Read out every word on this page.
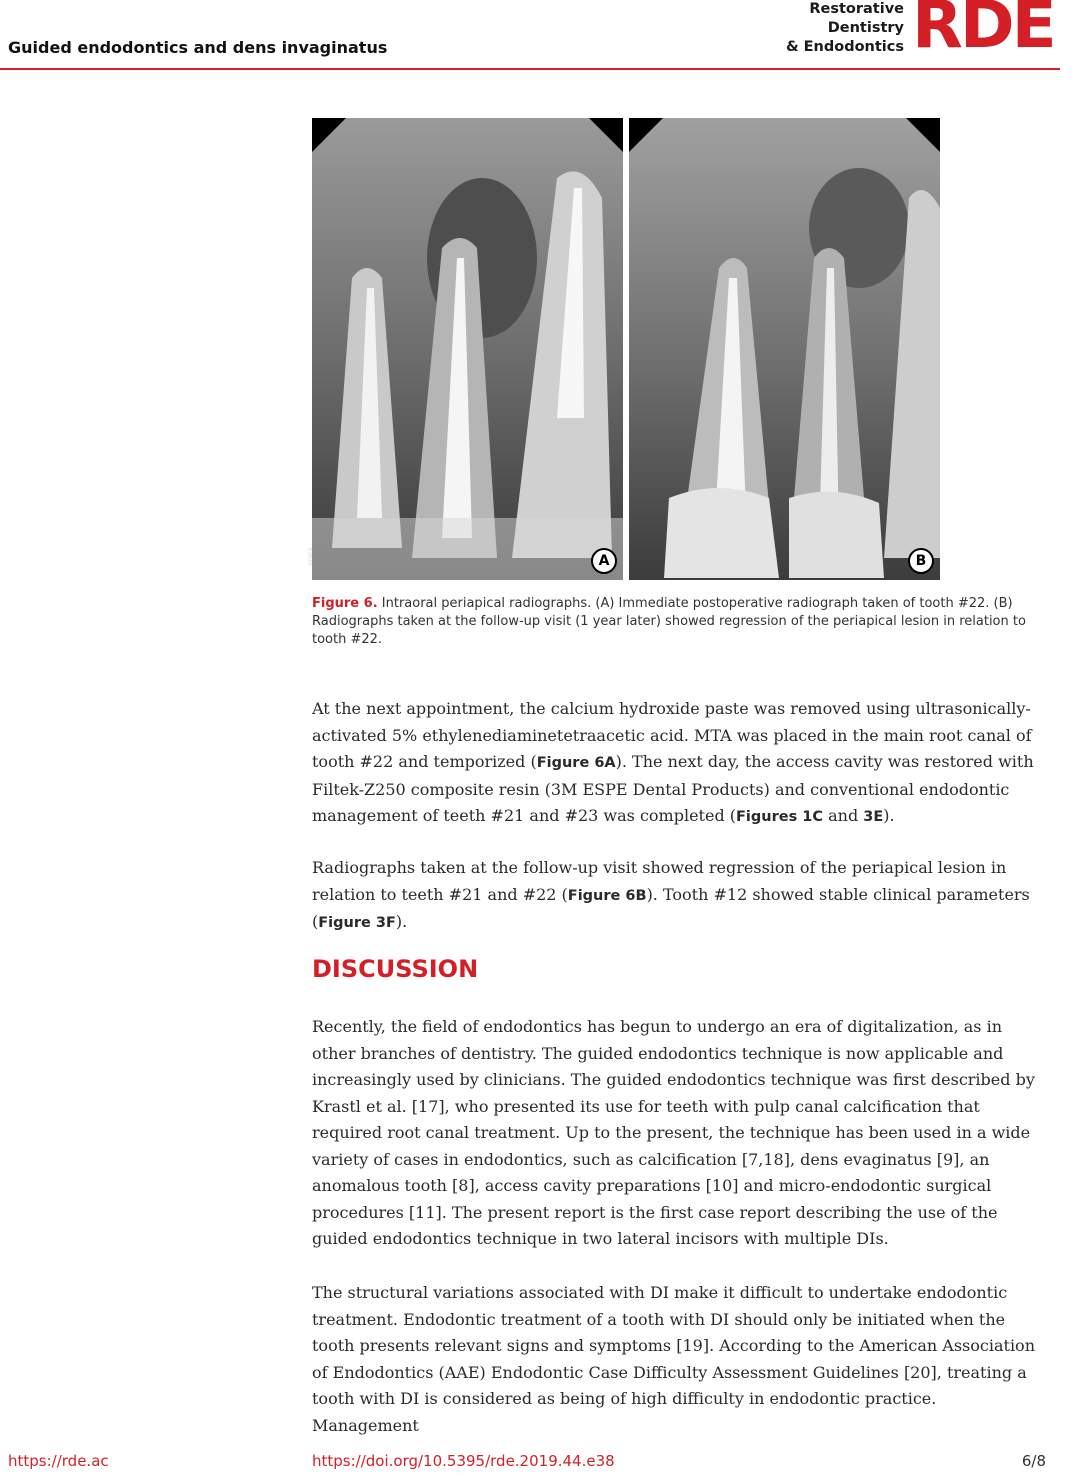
Guided endodontics and dens invaginatus
Restorative
Dentistry
& Endodontics RDE
sirona	A	B
Figure 6. Intraoral periapical radiographs. (A) Immediate postoperative radiograph taken of tooth #22. (B) Radiographs taken at the follow-up visit (1 year later) showed regression of the periapical lesion in relation to tooth #22.
At the next appointment, the calcium hydroxide paste was removed using ultrasonically-activated 5% ethylenediaminetetraacetic acid. MTA was placed in the main root canal of tooth #22 and temporized (Figure 6A). The next day, the access cavity was restored with Filtek-Z250 composite resin (3M ESPE Dental Products) and conventional endodontic management of teeth #21 and #23 was completed (Figures 1C and 3E).
Radiographs taken at the follow-up visit showed regression of the periapical lesion in relation to teeth #21 and #22 (Figure 6B). Tooth #12 showed stable clinical parameters (Figure 3F).
DISCUSSION
Recently, the field of endodontics has begun to undergo an era of digitalization, as in other branches of dentistry. The guided endodontics technique is now applicable and increasingly used by clinicians. The guided endodontics technique was first described by Krastl et al. [17], who presented its use for teeth with pulp canal calcification that required root canal treatment. Up to the present, the technique has been used in a wide variety of cases in endodontics, such as calcification [7,18], dens evaginatus [9], an anomalous tooth [8], access cavity preparations [10] and micro-endodontic surgical procedures [11]. The present report is the first case report describing the use of the guided endodontics technique in two lateral incisors with multiple DIs.
The structural variations associated with DI make it difficult to undertake endodontic treatment. Endodontic treatment of a tooth with DI should only be initiated when the tooth presents relevant signs and symptoms [19]. According to the American Association of Endodontics (AAE) Endodontic Case Difficulty Assessment Guidelines [20], treating a tooth with DI is considered as being of high difficulty in endodontic practice. Management
https://rde.ac	https://doi.org/10.5395/rde.2019.44.e38	6/8
